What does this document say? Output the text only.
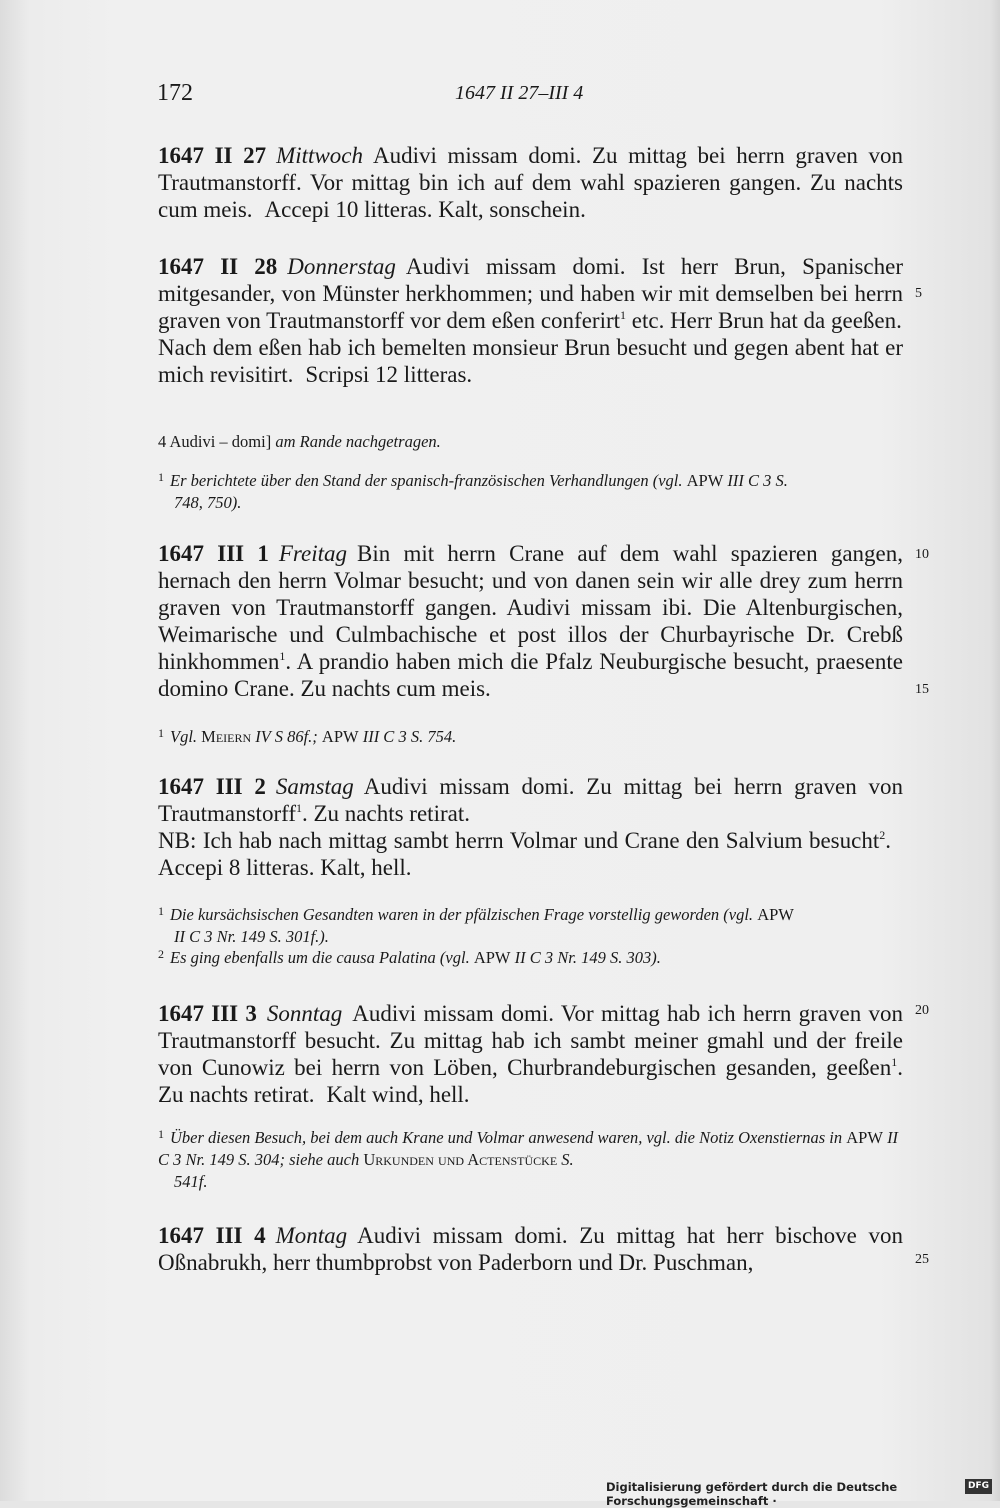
172	1647 II 27–III 4

1647 II 27 Mittwoch Audivi missam domi. Zu mittag bei herrn graven von Trautmanstorff. Vor mittag bin ich auf dem wahl spazieren gangen. Zu nachts cum meis. Accepi 10 litteras. Kalt, sonschein.

1647 II 28 Donnerstag Audivi missam domi. Ist herr Brun, Spanischer mitgesander, von Münster herkhommen; und haben wir mit demselben bei herrn graven von Trautmanstorff vor dem eßen conferirt$^1$ etc. Herr Brun hat da geeßen.

Nach dem eßen hab ich bemelten monsieur Brun besucht und gegen abent hat er mich revisitirt. Scripsi 12 litteras.

4 Audivi – domi] am Rande nachgetragen.
$^1$ Er berichtete über den Stand der spanisch-französischen Verhandlungen (vgl. APW III C 3 S.
748, 750).

1647 III 1 Freitag Bin mit herrn Crane auf dem wahl spazieren gangen, hernach den herrn Volmar besucht; und von danen sein wir alle drey zum herrn graven von Trautmanstorff gangen. Audivi missam ibi. Die Altenburgischen, Weimarische und Culmbachische et post illos der Churbayrische Dr. Crebß hinkhommen$^1$. A prandio haben mich die Pfalz Neuburgische besucht, praesente domino Crane. Zu nachts cum meis.

$^1$ Vgl. Meiern IV S 86f.; APW III C 3 S. 754.

1647 III 2 Samstag Audivi missam domi. Zu mittag bei herrn graven von Trautmanstorff$^1$. Zu nachts retirat.

NB: Ich hab nach mittag sambt herrn Volmar und Crane den Salvium besucht$^2$.Accepi 8 litteras. Kalt, hell.

$^1$ Die kursächsischen Gesandten waren in der pfälzischen Frage vorstellig geworden (vgl. APW
II C 3 Nr. 149 S. 301f.).
$^2$ Es ging ebenfalls um die causa Palatina (vgl. APW II C 3 Nr. 149 S. 303).

1647 III 3 Sonntag Audivi missam domi. Vor mittag hab ich herrn graven von Trautmanstorff besucht. Zu mittag hab ich sambt meiner gmahl und der freile von Cunowiz bei herrn von Löben, Churbrandeburgischen gesanden, geeßen$^1$. Zu nachts retirat. Kalt wind, hell.

$^1$ Über diesen Besuch, bei dem auch Krane und Volmar anwesend waren, vgl. die Notiz Oxenstiernas in APW II C 3 Nr. 149 S. 304; siehe auch Urkunden und Actenstücke S.
541f.

1647 III 4 Montag Audivi missam domi. Zu mittag hat herr bischove von Oßnabrukh, herr thumbprobst von Paderborn und Dr. Puschman,

5
10
15
20
25
Digitalisierung gefördert durch die Deutsche Forschungsgemeinschaft ·
DFG
